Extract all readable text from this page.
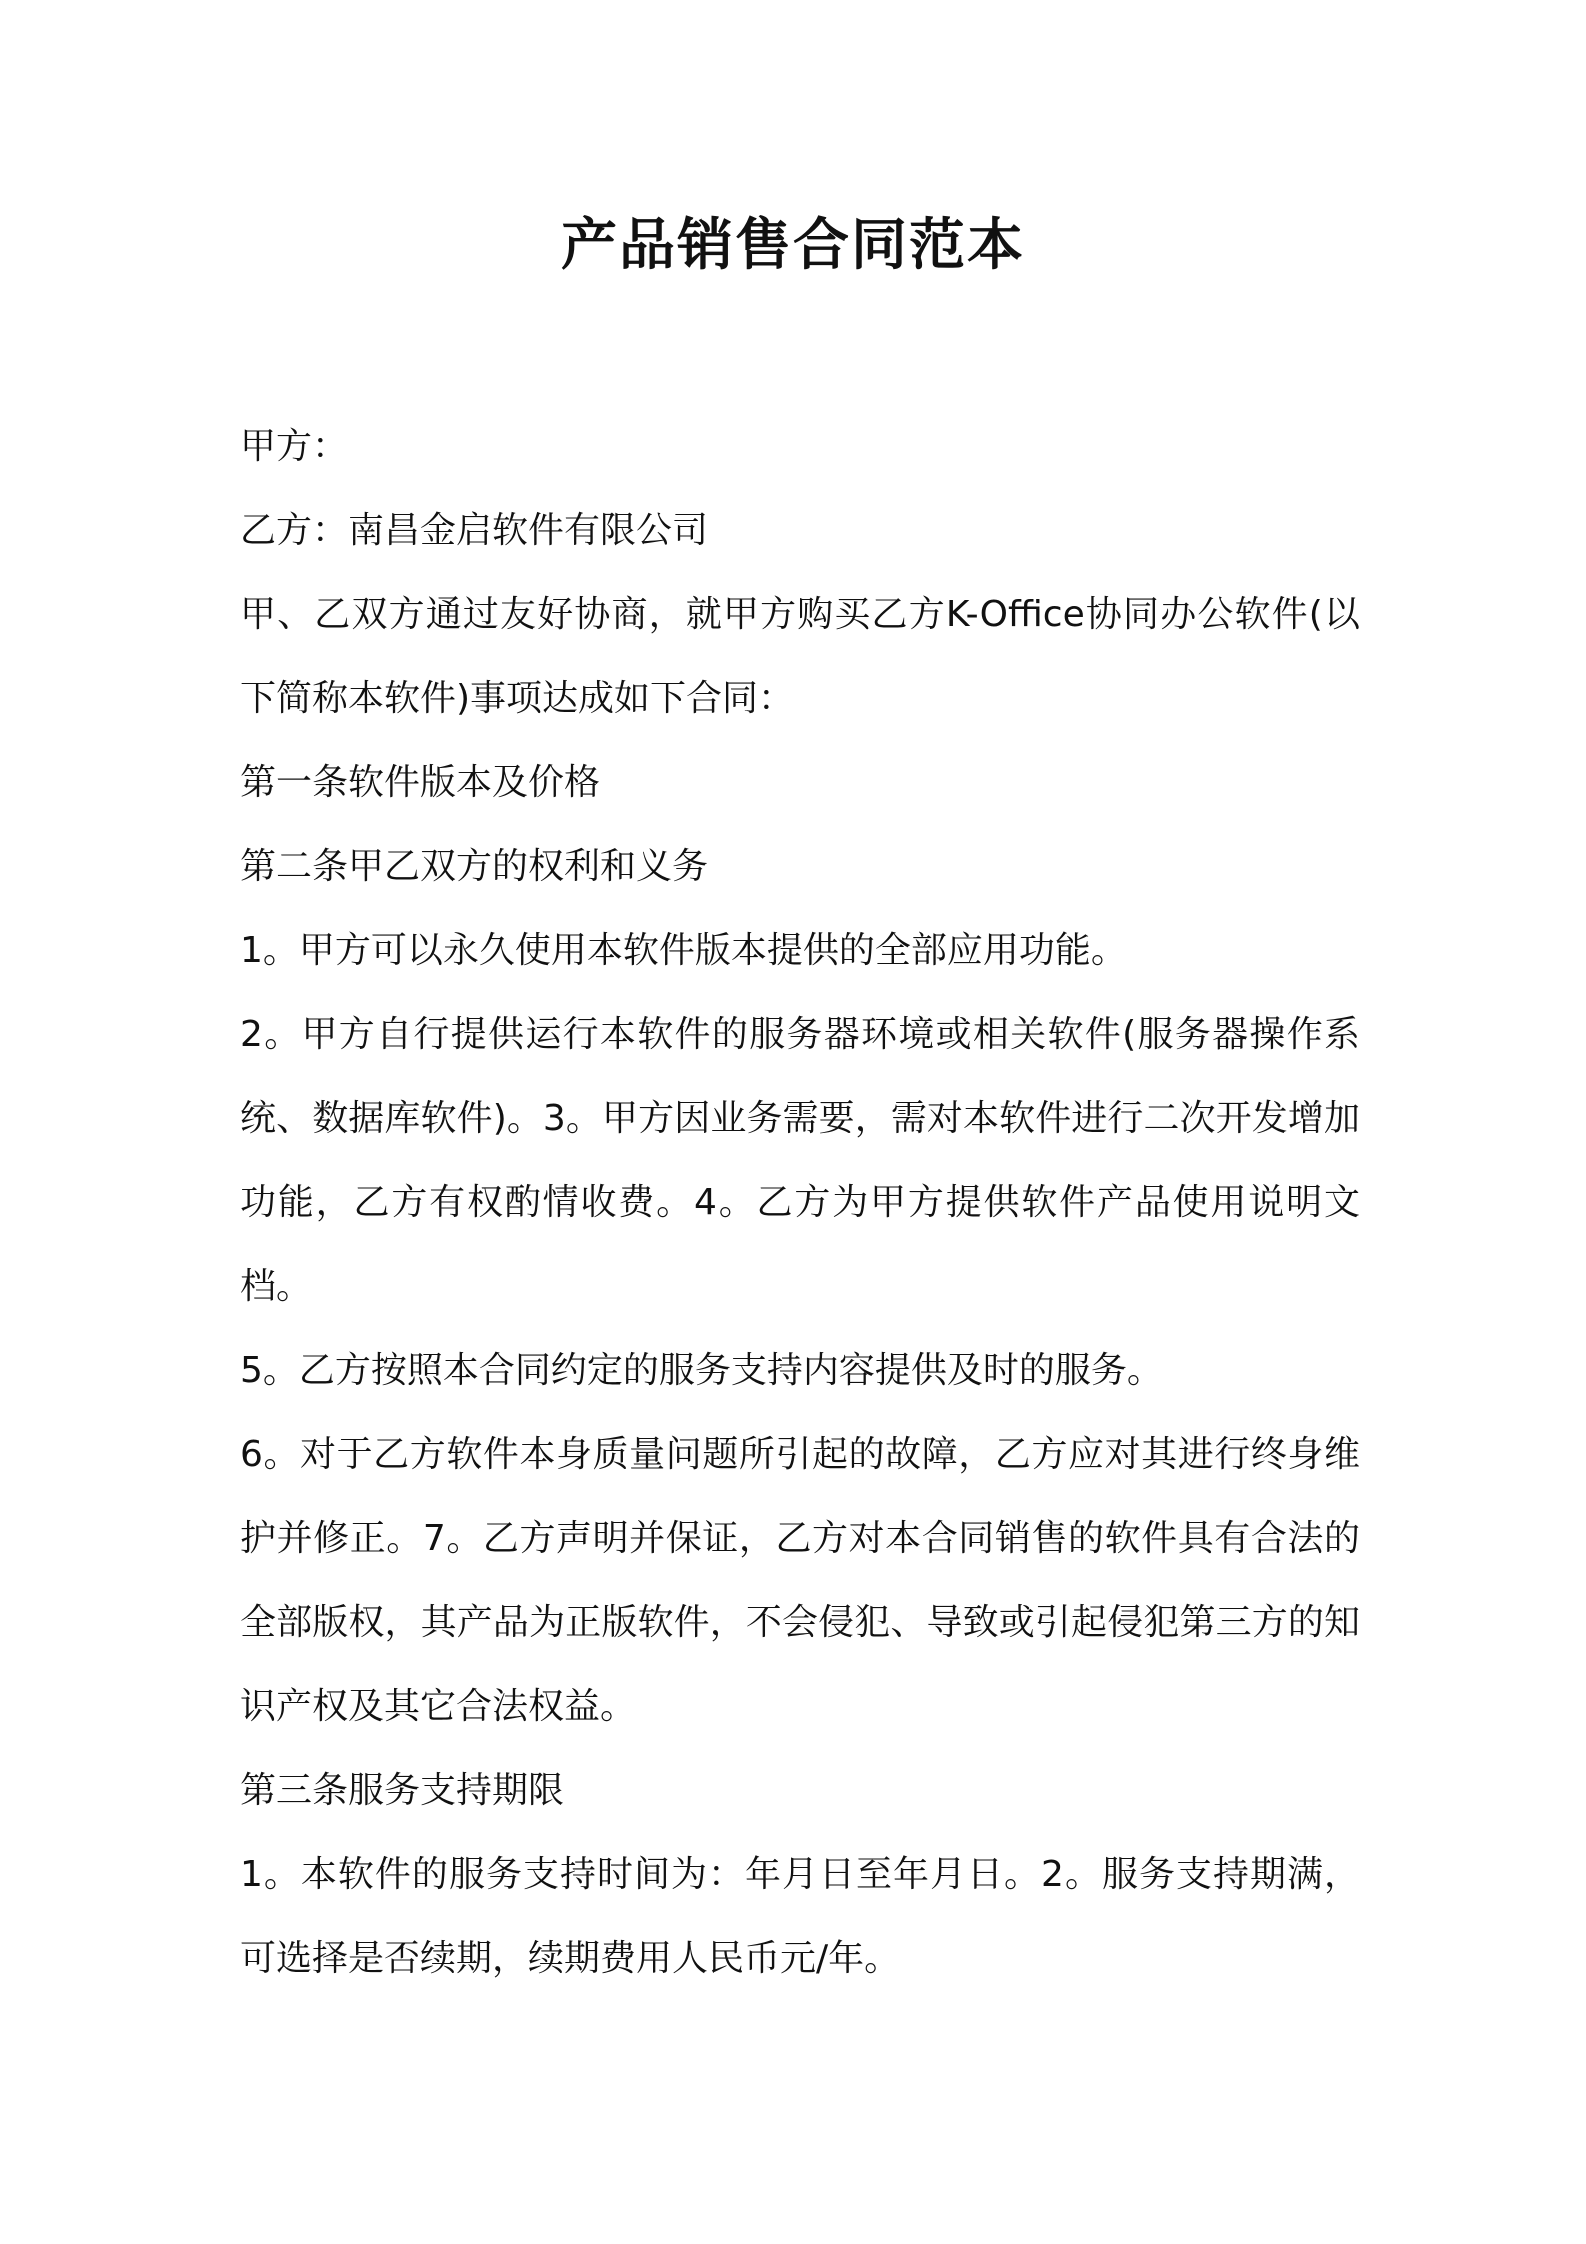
产品销售合同范本

甲方：

乙方：南昌金启软件有限公司

甲、乙双方通过友好协商，就甲方购买乙方K-Office协同办公软件(以下简称本软件)事项达成如下合同：

第一条软件版本及价格

第二条甲乙双方的权利和义务

1。甲方可以永久使用本软件版本提供的全部应用功能。

2。甲方自行提供运行本软件的服务器环境或相关软件(服务器操作系统、数据库软件)。3。甲方因业务需要，需对本软件进行二次开发增加功能，乙方有权酌情收费。4。乙方为甲方提供软件产品使用说明文档。

5。乙方按照本合同约定的服务支持内容提供及时的服务。

6。对于乙方软件本身质量问题所引起的故障，乙方应对其进行终身维护并修正。7。乙方声明并保证，乙方对本合同销售的软件具有合法的全部版权，其产品为正版软件，不会侵犯、导致或引起侵犯第三方的知识产权及其它合法权益。

第三条服务支持期限

1。本软件的服务支持时间为：年月日至年月日。2。服务支持期满，可选择是否续期，续期费用人民币元/年。
